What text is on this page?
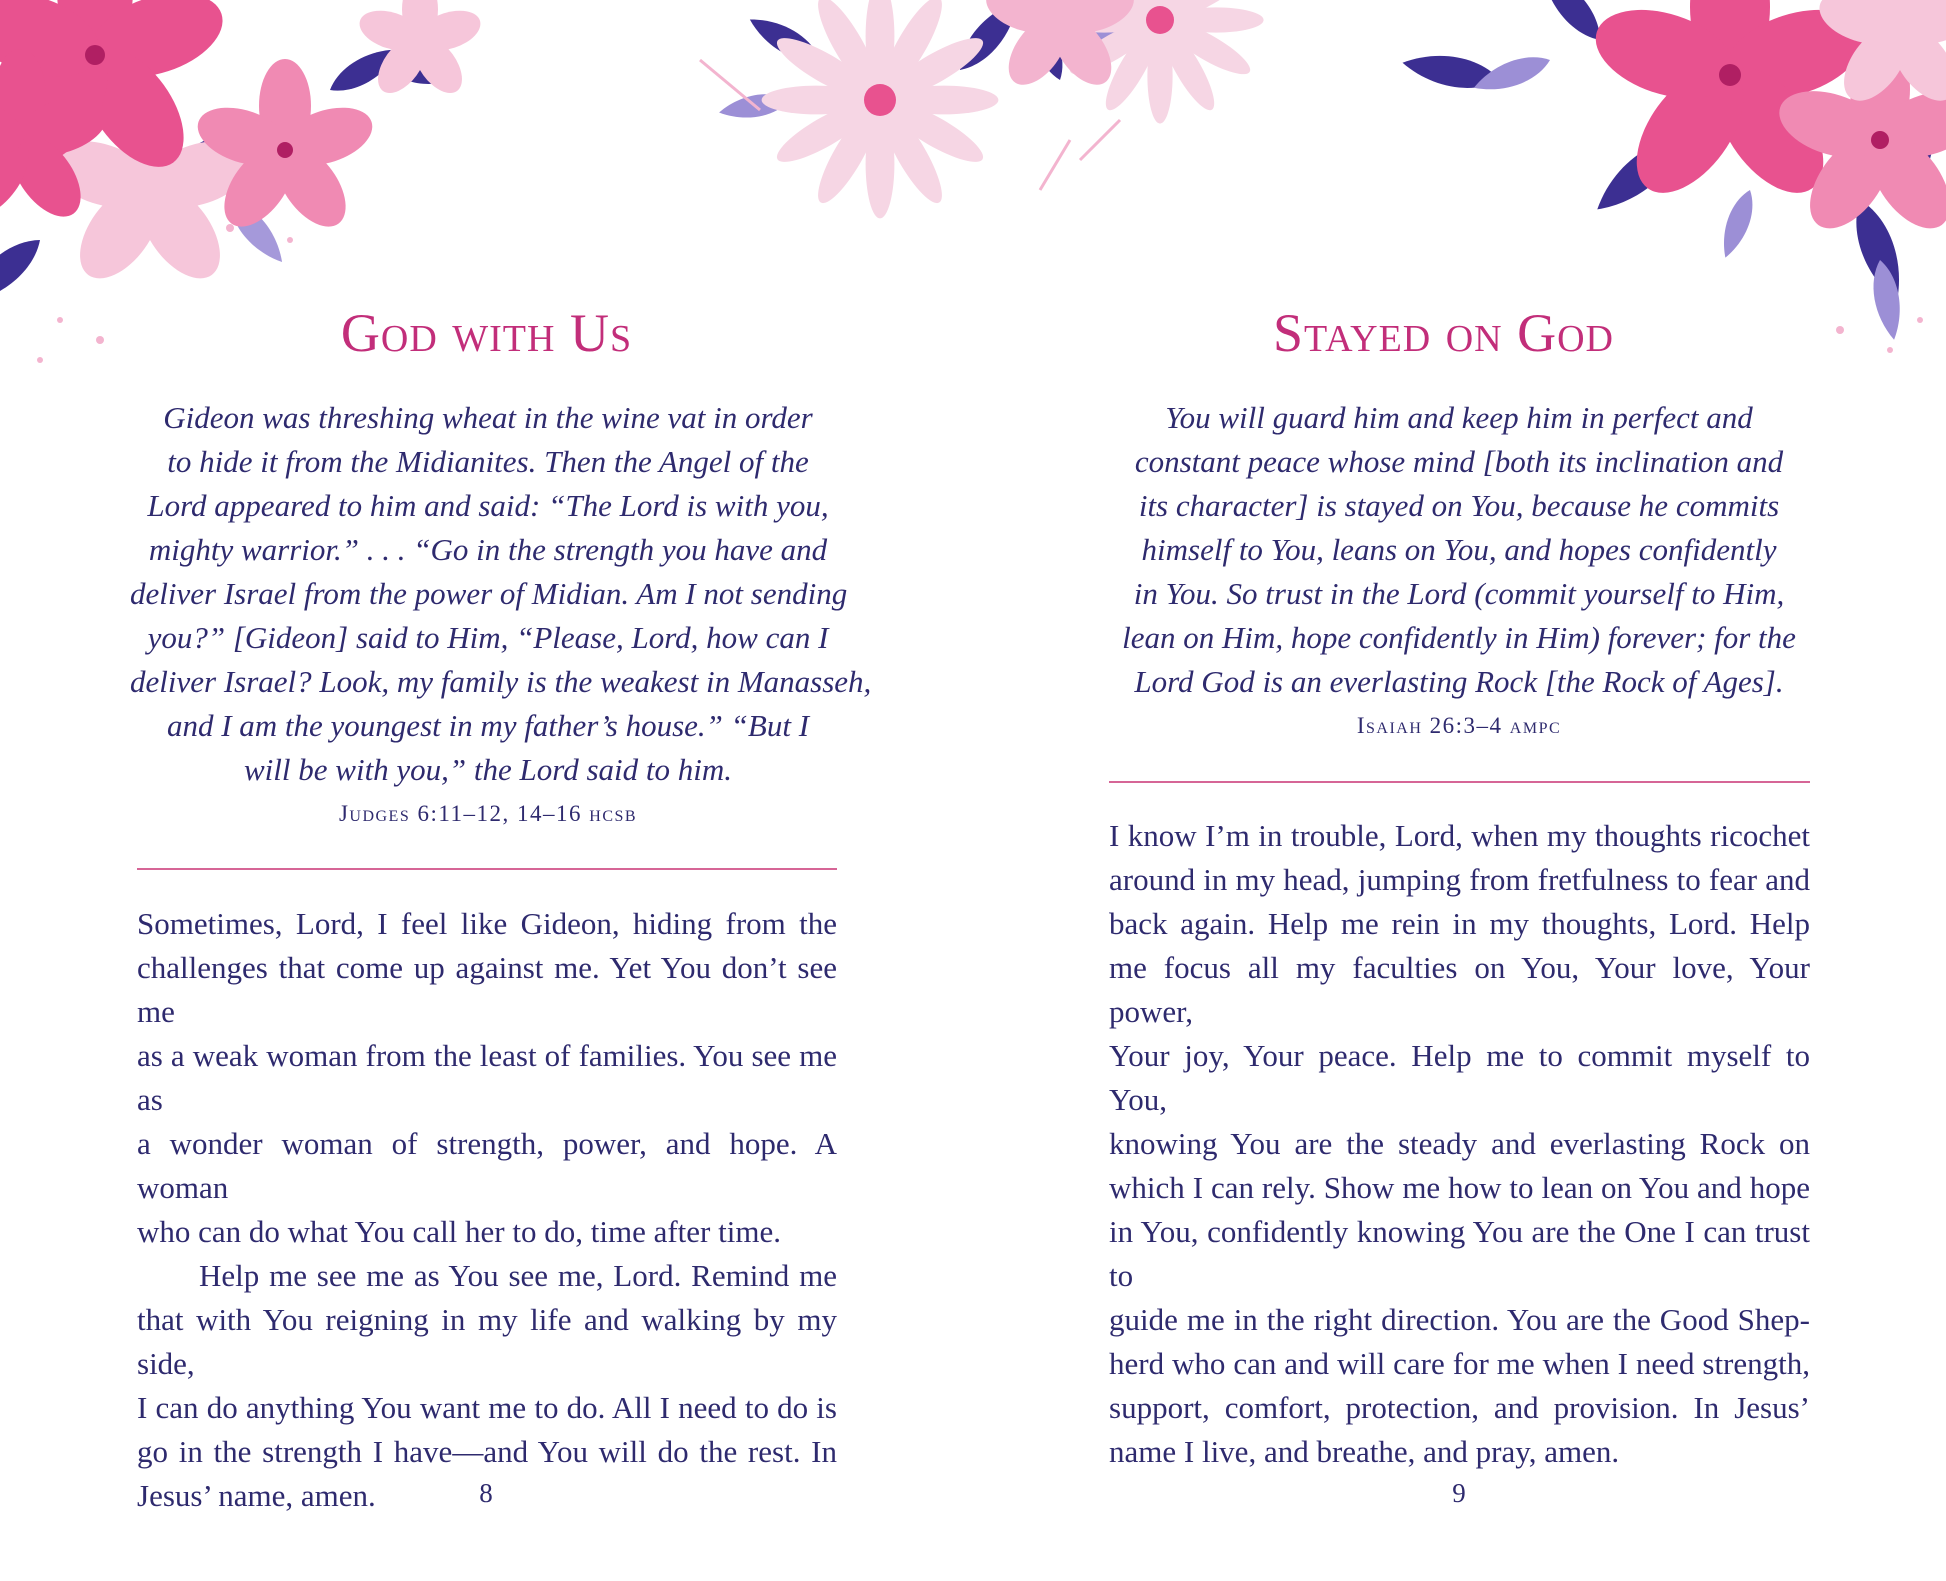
God with Us
Gideon was threshing wheat in the wine vat in order
to hide it from the Midianites. Then the Angel of the
Lord appeared to him and said: “The Lord is with you,
mighty warrior.” . . . “Go in the strength you have and
deliver Israel from the power of Midian. Am I not sending
you?” [Gideon] said to Him, “Please, Lord, how can I
deliver Israel? Look, my family is the weakest in Manasseh,
and I am the youngest in my father’s house.” “But I
will be with you,” the Lord said to him.
Judges 6:11–12, 14–16 hcsb
Sometimes, Lord, I feel like Gideon, hiding from the
challenges that come up against me. Yet You don’t see me
as a weak woman from the least of families. You see me as
a wonder woman of strength, power, and hope. A woman
who can do what You call her to do, time after time.
Help me see me as You see me, Lord. Remind me
that with You reigning in my life and walking by my side,
I can do anything You want me to do. All I need to do is
go in the strength I have—and You will do the rest. In
Jesus’ name, amen.	8
Stayed on God
You will guard him and keep him in perfect and
constant peace whose mind [both its inclination and
its character] is stayed on You, because he commits
himself to You, leans on You, and hopes confidently
in You. So trust in the Lord (commit yourself to Him,
lean on Him, hope confidently in Him) forever; for the
Lord God is an everlasting Rock [the Rock of Ages].
Isaiah 26:3–4 ampc
I know I’m in trouble, Lord, when my thoughts ricochet
around in my head, jumping from fretfulness to fear and
back again. Help me rein in my thoughts, Lord. Help
me focus all my faculties on You, Your love, Your power,
Your joy, Your peace. Help me to commit myself to You,
knowing You are the steady and everlasting Rock on
which I can rely. Show me how to lean on You and hope
in You, confidently knowing You are the One I can trust to
guide me in the right direction. You are the Good Shep-
herd who can and will care for me when I need strength,
support, comfort, protection, and provision. In Jesus’
name I live, and breathe, and pray, amen.
9
